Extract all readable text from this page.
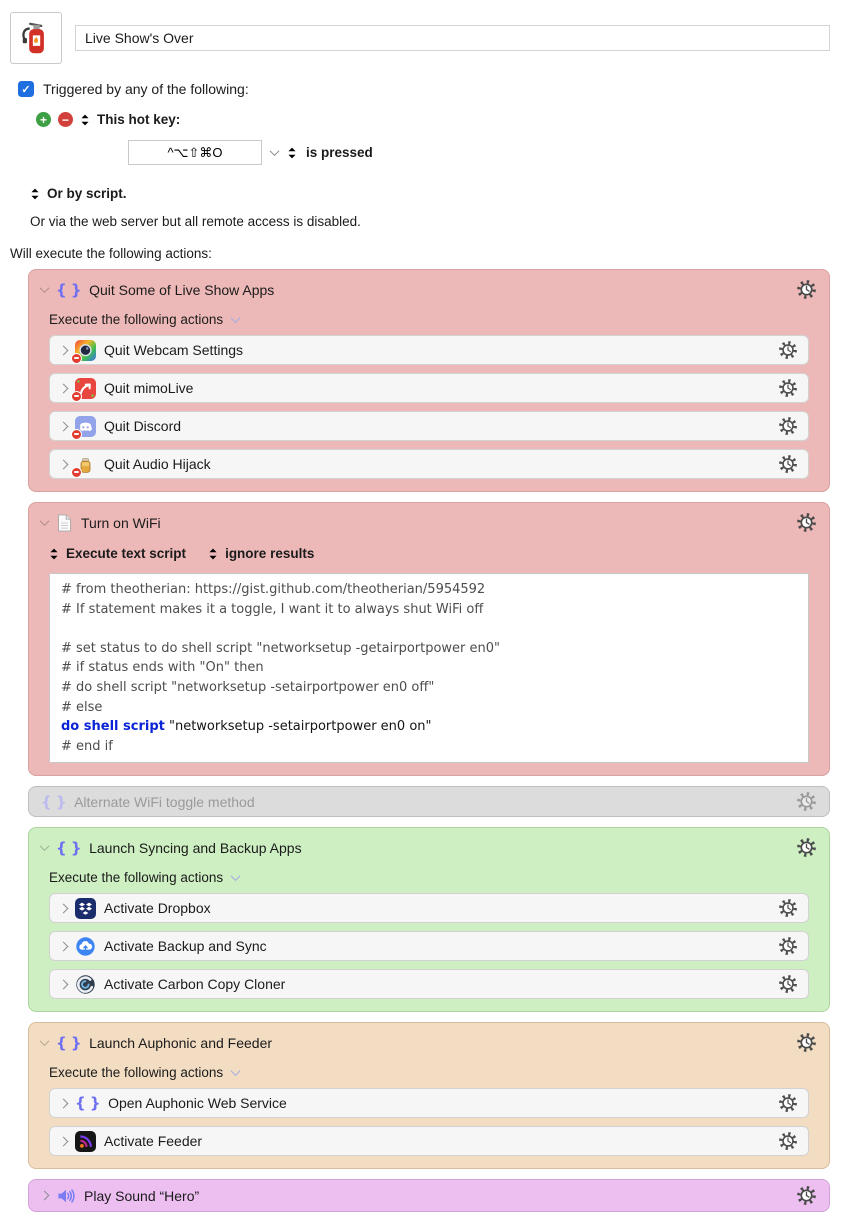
Live Show's Over
✓ Triggered by any of the following:
+	− This hot key:
^⌥⇧⌘O
is pressed
Or by script.
Or via the web server but all remote access is disabled.
Will execute the following actions:
{ }
Quit Some of Live Show Apps
Execute the following actions
Quit Webcam Settings
Quit mimoLive
Quit Discord
Quit Audio Hijack
Turn on WiFi
Execute text script	ignore results
# from theotherian: https://gist.github.com/theotherian/5954592
# If statement makes it a toggle, I want it to always shut WiFi off
# set status to do shell script "networksetup -getairportpower en0"
# if status ends with "On" then
# do shell script "networksetup -setairportpower en0 off"
# else
do shell script "networksetup -setairportpower en0 on"
# end if
{ }
Alternate WiFi toggle method
{ }
Launch Syncing and Backup Apps
Execute the following actions
Activate Dropbox
Activate Backup and Sync
Activate Carbon Copy Cloner
{ }
Launch Auphonic and Feeder
Execute the following actions
{ }
Open Auphonic Web Service
Activate Feeder
Play Sound “Hero”
